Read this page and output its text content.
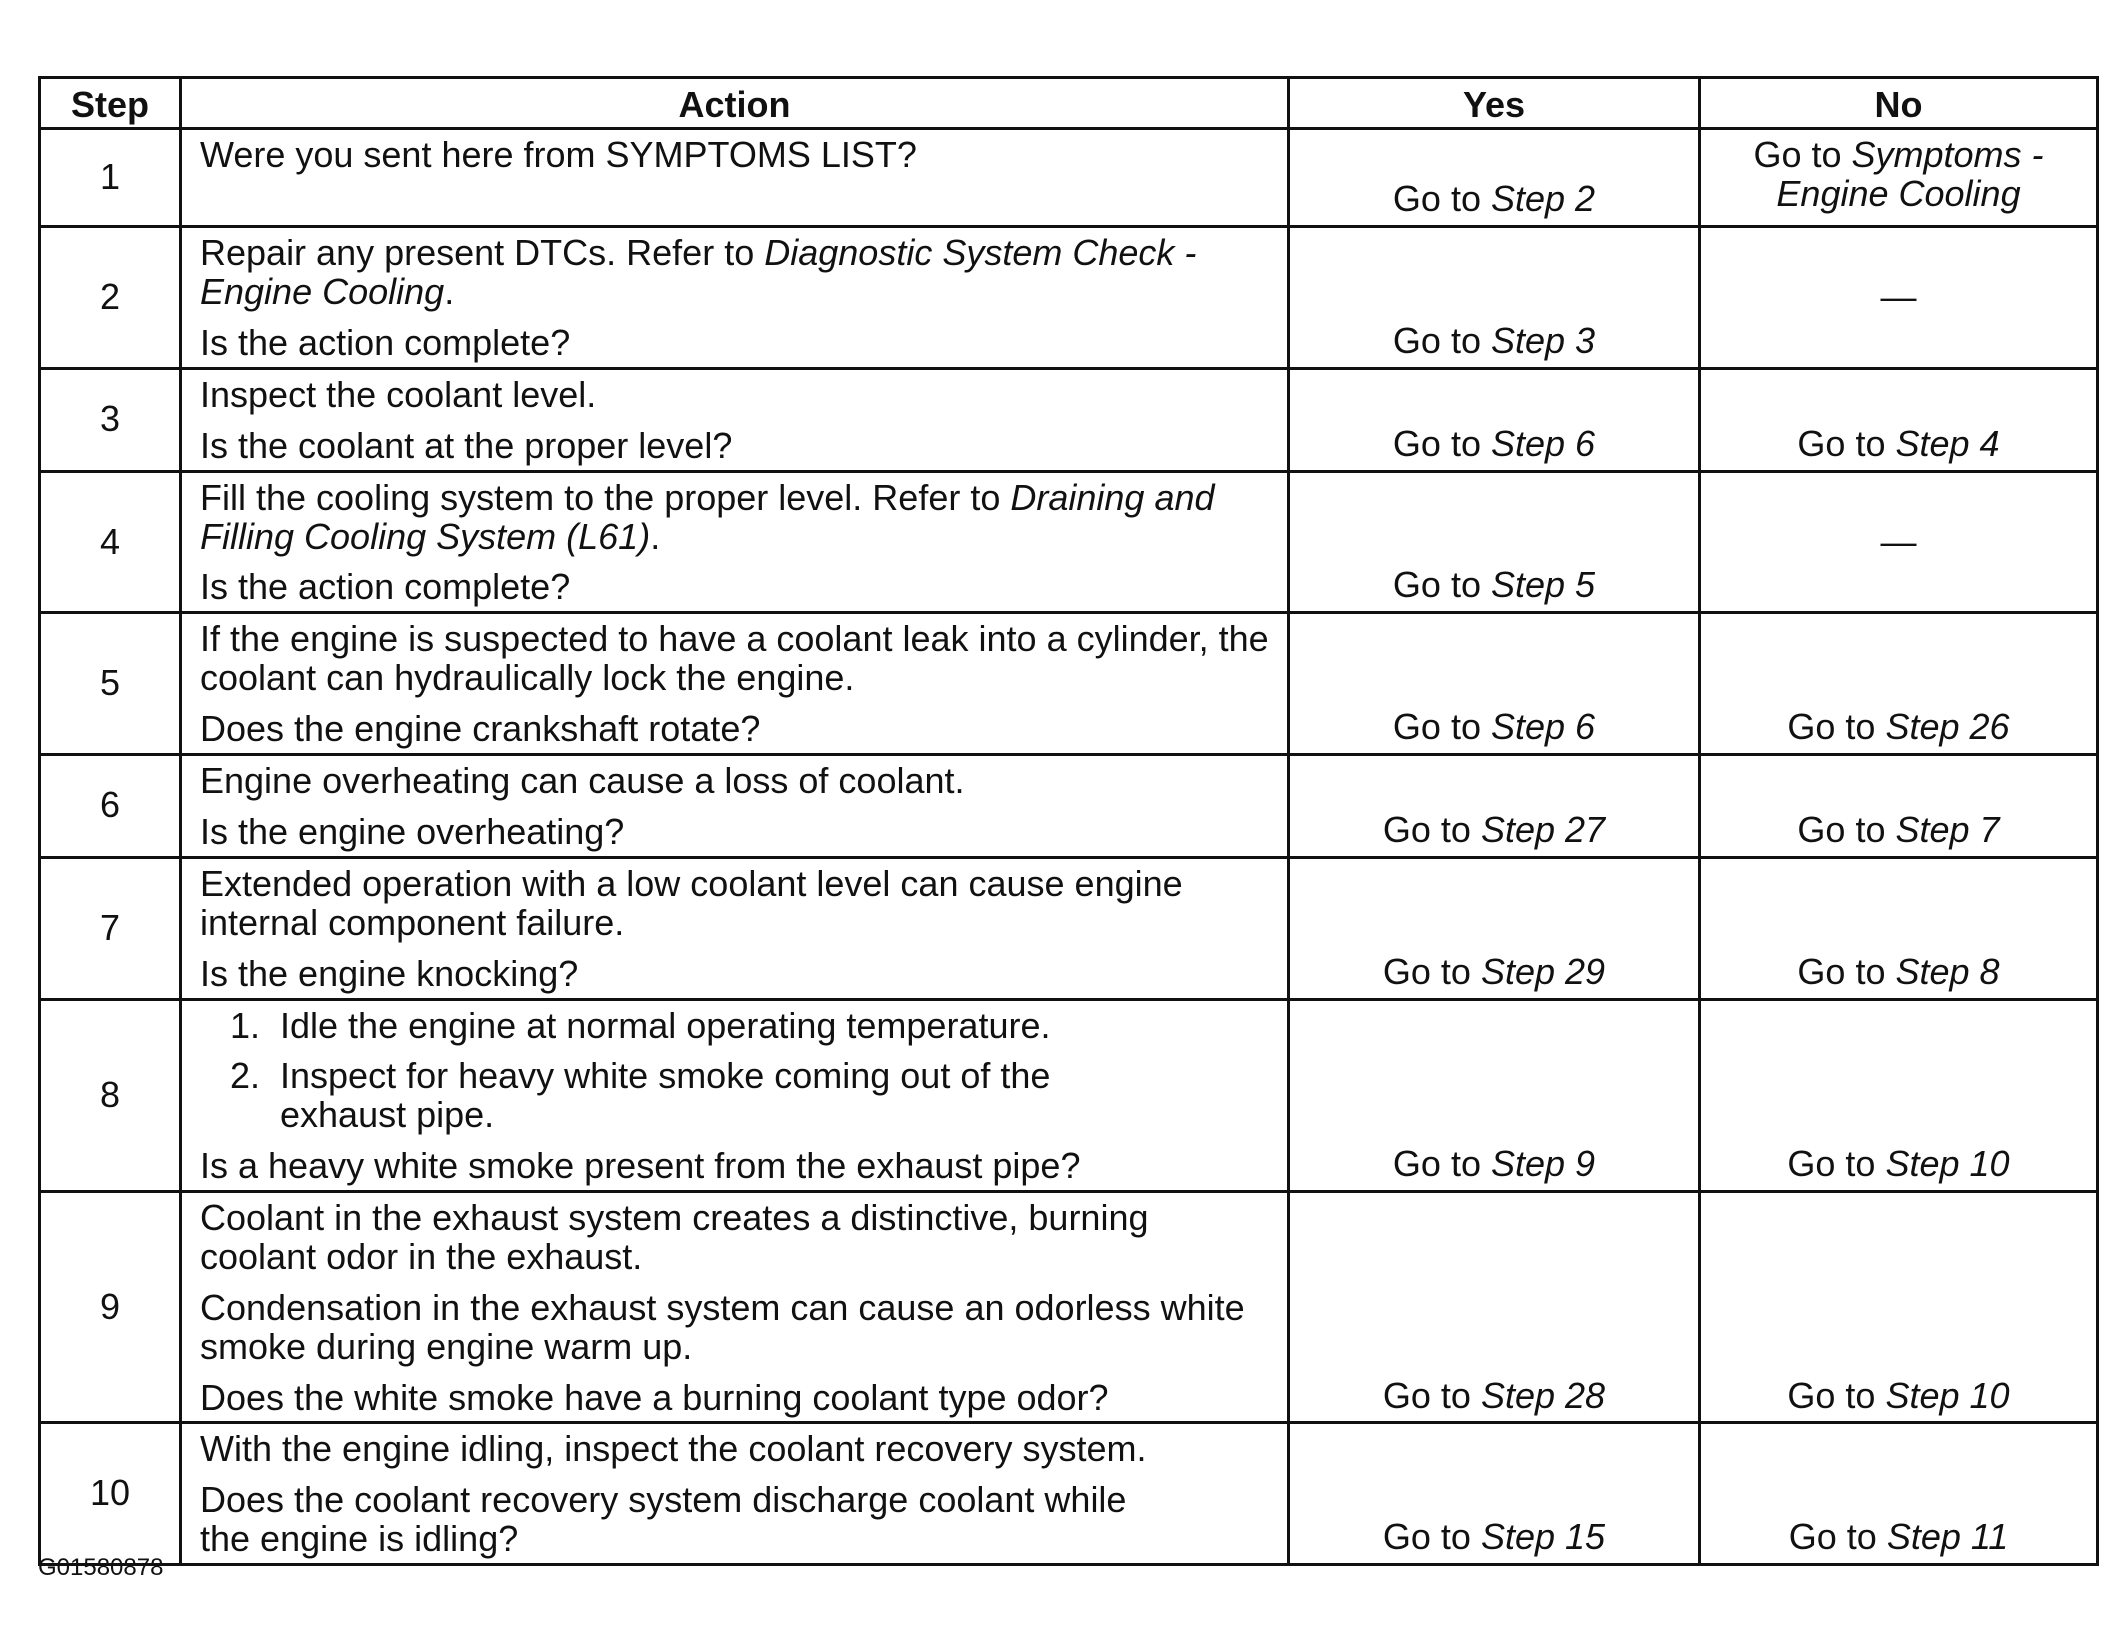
Step	Action	Yes	No
1	Were you sent here from SYMPTOMS LIST?	Go to Step 2	Go to Symptoms -
Engine Cooling

2	Repair any present DTCs. Refer to Diagnostic System Check - Engine Cooling.
Is the action complete?	Go to Step 3	—
3	Inspect the coolant level.
Is the coolant at the proper level?	Go to Step 6	Go to Step 4
4	Fill the cooling system to the proper level. Refer to Draining and Filling Cooling System (L61).
Is the action complete?	Go to Step 5	—
5	If the engine is suspected to have a coolant leak into a cylinder, the coolant can hydraulically lock the engine.
Does the engine crankshaft rotate?	Go to Step 6	Go to Step 26
6	Engine overheating can cause a loss of coolant.
Is the engine overheating?	Go to Step 27	Go to Step 7
7	Extended operation with a low coolant level can cause engine internal component failure.
Is the engine knocking?	Go to Step 29	Go to Step 8
8	1. Idle the engine at normal operating temperature.
2. Inspect for heavy white smoke coming out of the exhaust pipe.
Is a heavy white smoke present from the exhaust pipe?	Go to Step 9	Go to Step 10
9	Coolant in the exhaust system creates a distinctive, burning coolant odor in the exhaust.
Condensation in the exhaust system can cause an odorless white smoke during engine warm up.
Does the white smoke have a burning coolant type odor?	Go to Step 28	Go to Step 10
10	With the engine idling, inspect the coolant recovery system.
Does the coolant recovery system discharge coolant while the engine is idling?	Go to Step 15	Go to Step 11
G01580878
